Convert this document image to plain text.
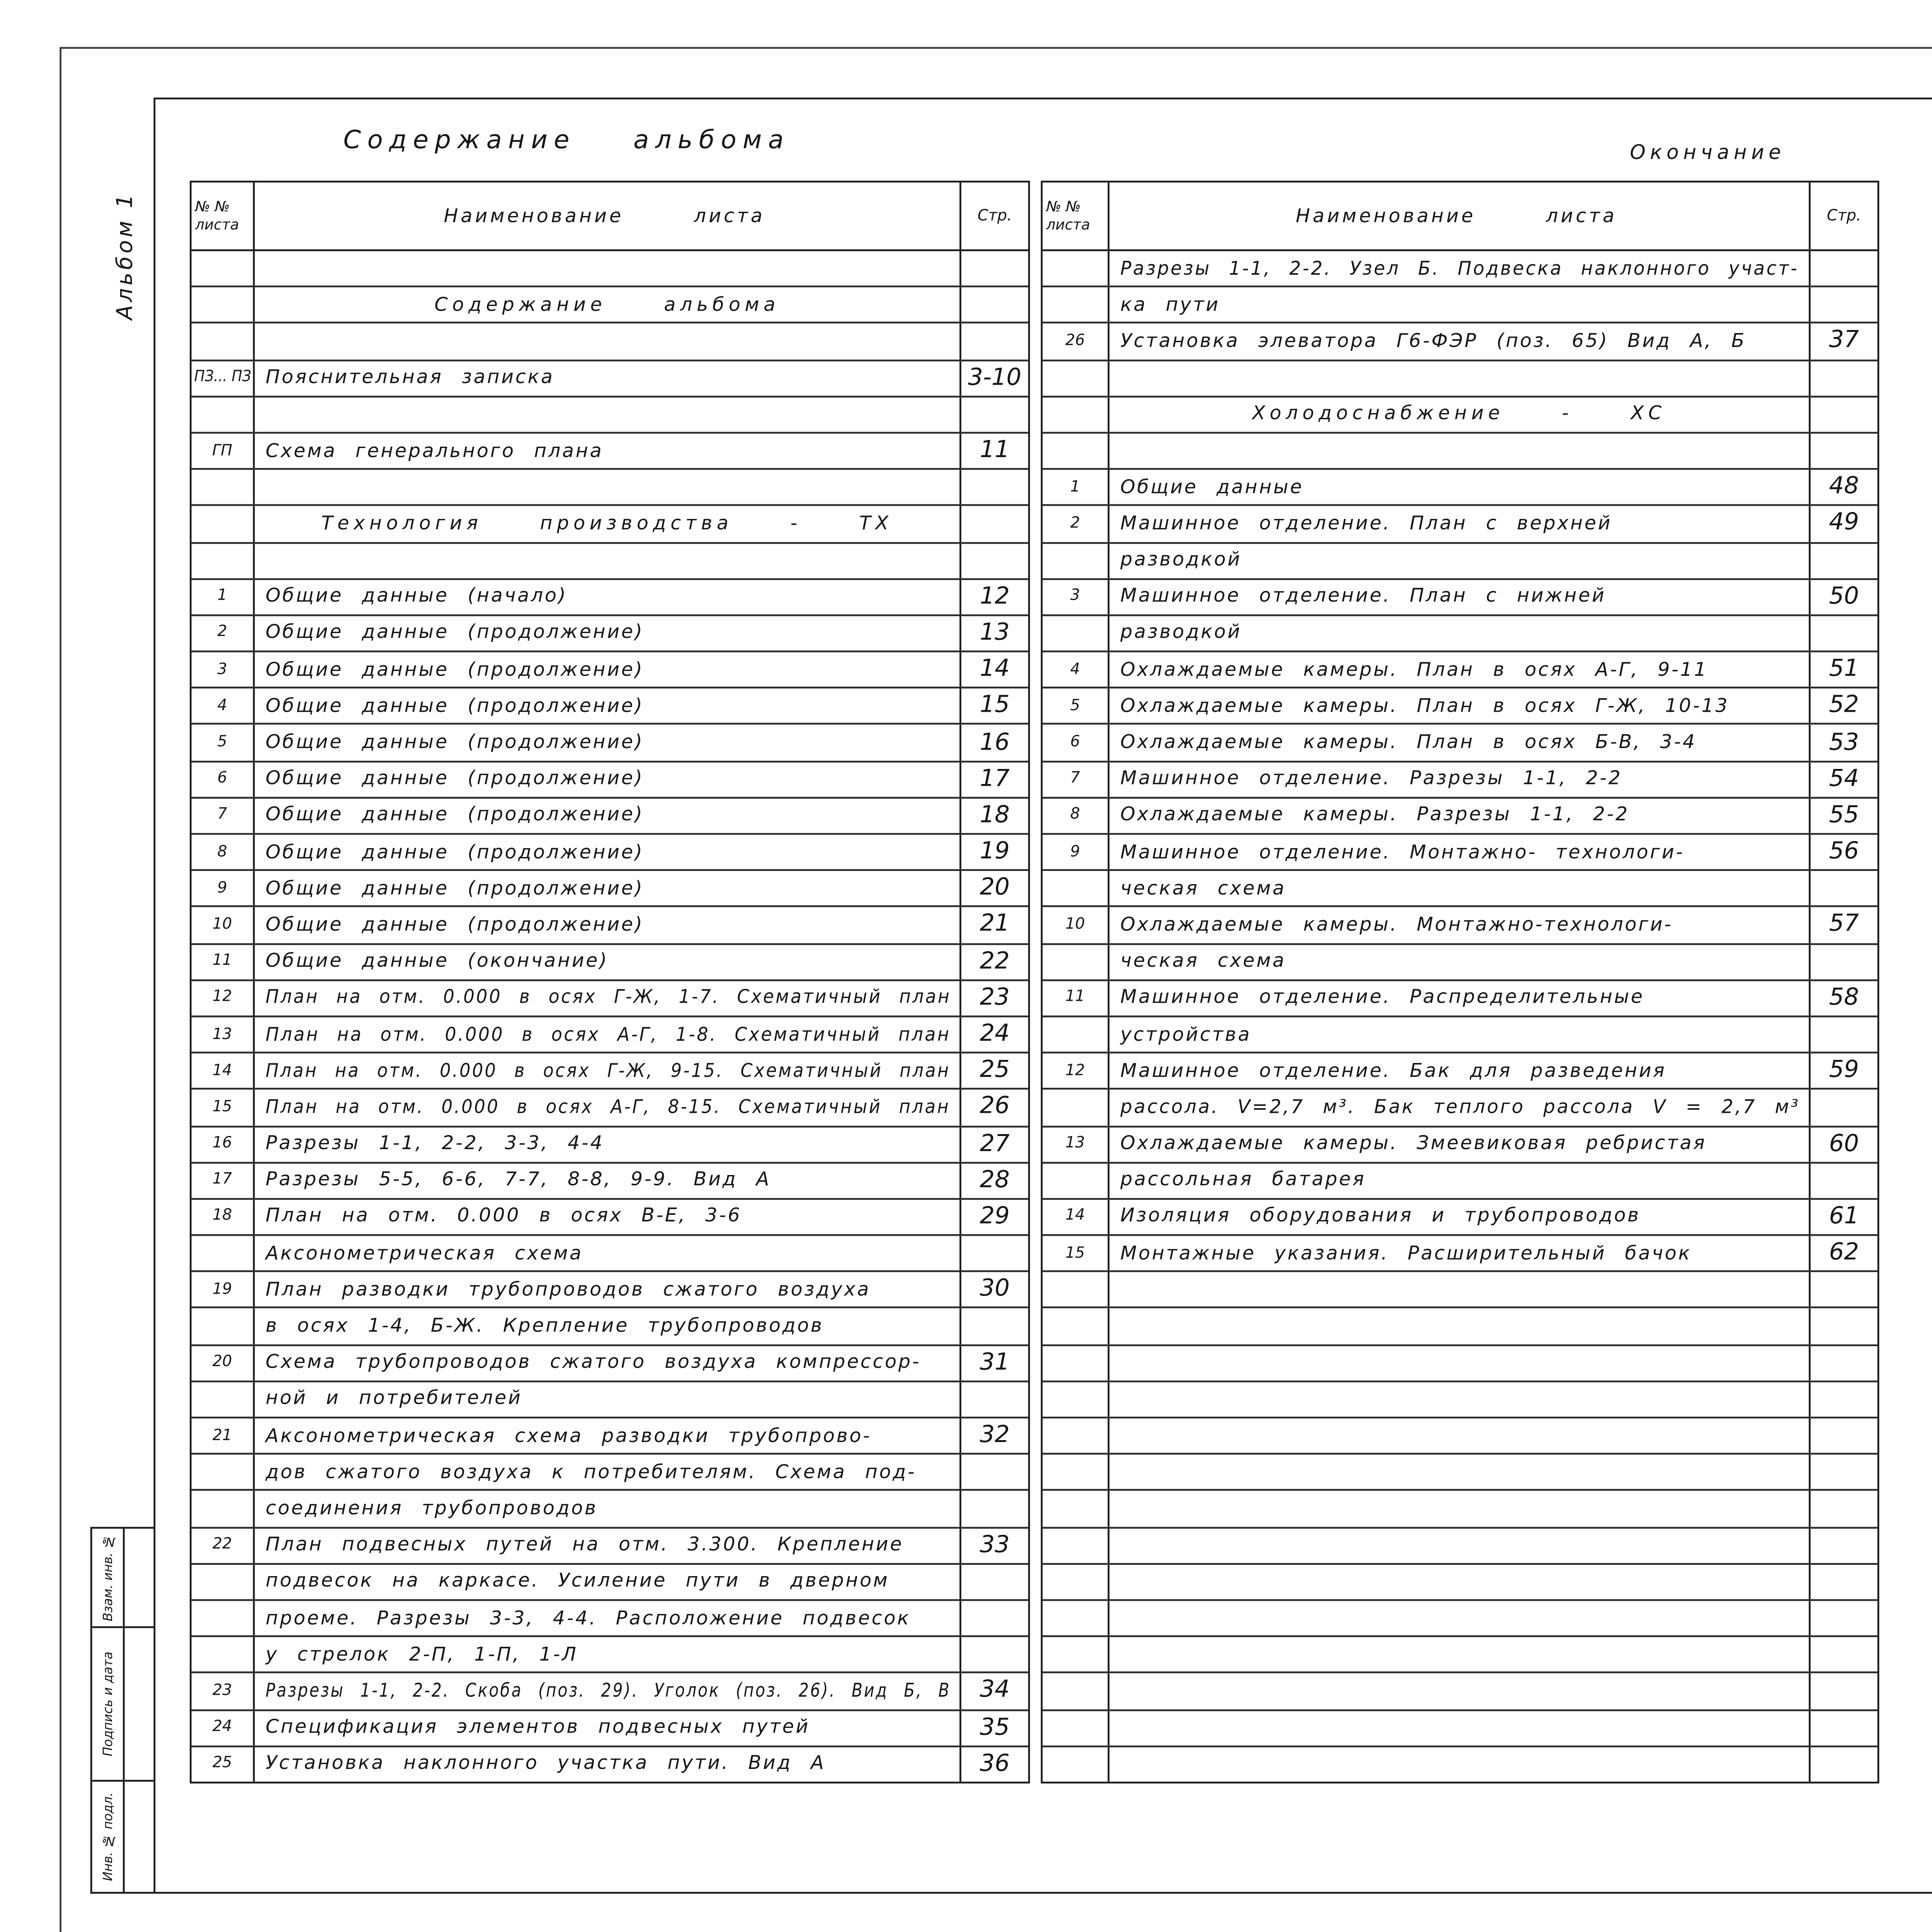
Альбом 1
Взам. инв. №
Подпись и дата
Инв. № подл.
Содержание альбома	Окончание
№ №
листа	Наименование листа	Стр.
Содержание альбома
ПЗ... ПЗ	Пояснительная записка	3-10
ГП	Схема генерального плана	11
Технология производства - ТХ
1	Общие данные (начало)	12
2	Общие данные (продолжение)	13
3	Общие данные (продолжение)	14
4	Общие данные (продолжение)	15
5	Общие данные (продолжение)	16
6	Общие данные (продолжение)	17
7	Общие данные (продолжение)	18
8	Общие данные (продолжение)	19
9	Общие данные (продолжение)	20
10	Общие данные (продолжение)	21
11	Общие данные (окончание)	22
12	План на отм. 0.000 в осях Г-Ж, 1-7. Схематичный план	23
13	План на отм. 0.000 в осях А-Г, 1-8. Схематичный план	24
14	План на отм. 0.000 в осях Г-Ж, 9-15. Схематичный план	25
15	План на отм. 0.000 в осях А-Г, 8-15. Схематичный план	26
16	Разрезы 1-1, 2-2, 3-3, 4-4	27
17	Разрезы 5-5, 6-6, 7-7, 8-8, 9-9. Вид А	28
18	План на отм. 0.000 в осях В-Е, 3-6	29
Аксонометрическая схема
19	План разводки трубопроводов сжатого воздуха	30
в осях 1-4, Б-Ж. Крепление трубопроводов
20	Схема трубопроводов сжатого воздуха компрессор-	31
ной и потребителей
21	Аксонометрическая схема разводки трубопрово-	32
дов сжатого воздуха к потребителям. Схема под-
соединения трубопроводов
22	План подвесных путей на отм. 3.300. Крепление	33
подвесок на каркасе. Усиление пути в дверном
проеме. Разрезы 3-3, 4-4. Расположение подвесок
у стрелок 2-П, 1-П, 1-Л
23	Разрезы 1-1, 2-2. Скоба (поз. 29). Уголок (поз. 26). Вид Б, В	34
24	Спецификация элементов подвесных путей	35
25	Установка наклонного участка пути. Вид А	36
№ №
листа	Наименование листа	Стр.
Разрезы 1-1, 2-2. Узел Б. Подвеска наклонного участ-
ка пути
26	Установка элеватора Г6-ФЭР (поз. 65) Вид А, Б	37
Холодоснабжение - ХС
1	Общие данные	48
2	Машинное отделение. План с верхней	49
разводкой
3	Машинное отделение. План с нижней	50
разводкой
4	Охлаждаемые камеры. План в осях А-Г, 9-11	51
5	Охлаждаемые камеры. План в осях Г-Ж, 10-13	52
6	Охлаждаемые камеры. План в осях Б-В, 3-4	53
7	Машинное отделение. Разрезы 1-1, 2-2	54
8	Охлаждаемые камеры. Разрезы 1-1, 2-2	55
9	Машинное отделение. Монтажно- технологи-	56
ческая схема
10	Охлаждаемые камеры. Монтажно-технологи-	57
ческая схема
11	Машинное отделение. Распределительные	58
устройства
12	Машинное отделение. Бак для разведения	59
рассола. V=2,7 м³. Бак теплого рассола V = 2,7 м³
13	Охлаждаемые камеры. Змеевиковая ребристая	60
рассольная батарея
14	Изоляция оборудования и трубопроводов	61
15	Монтажные указания. Расширительный бачок	62
